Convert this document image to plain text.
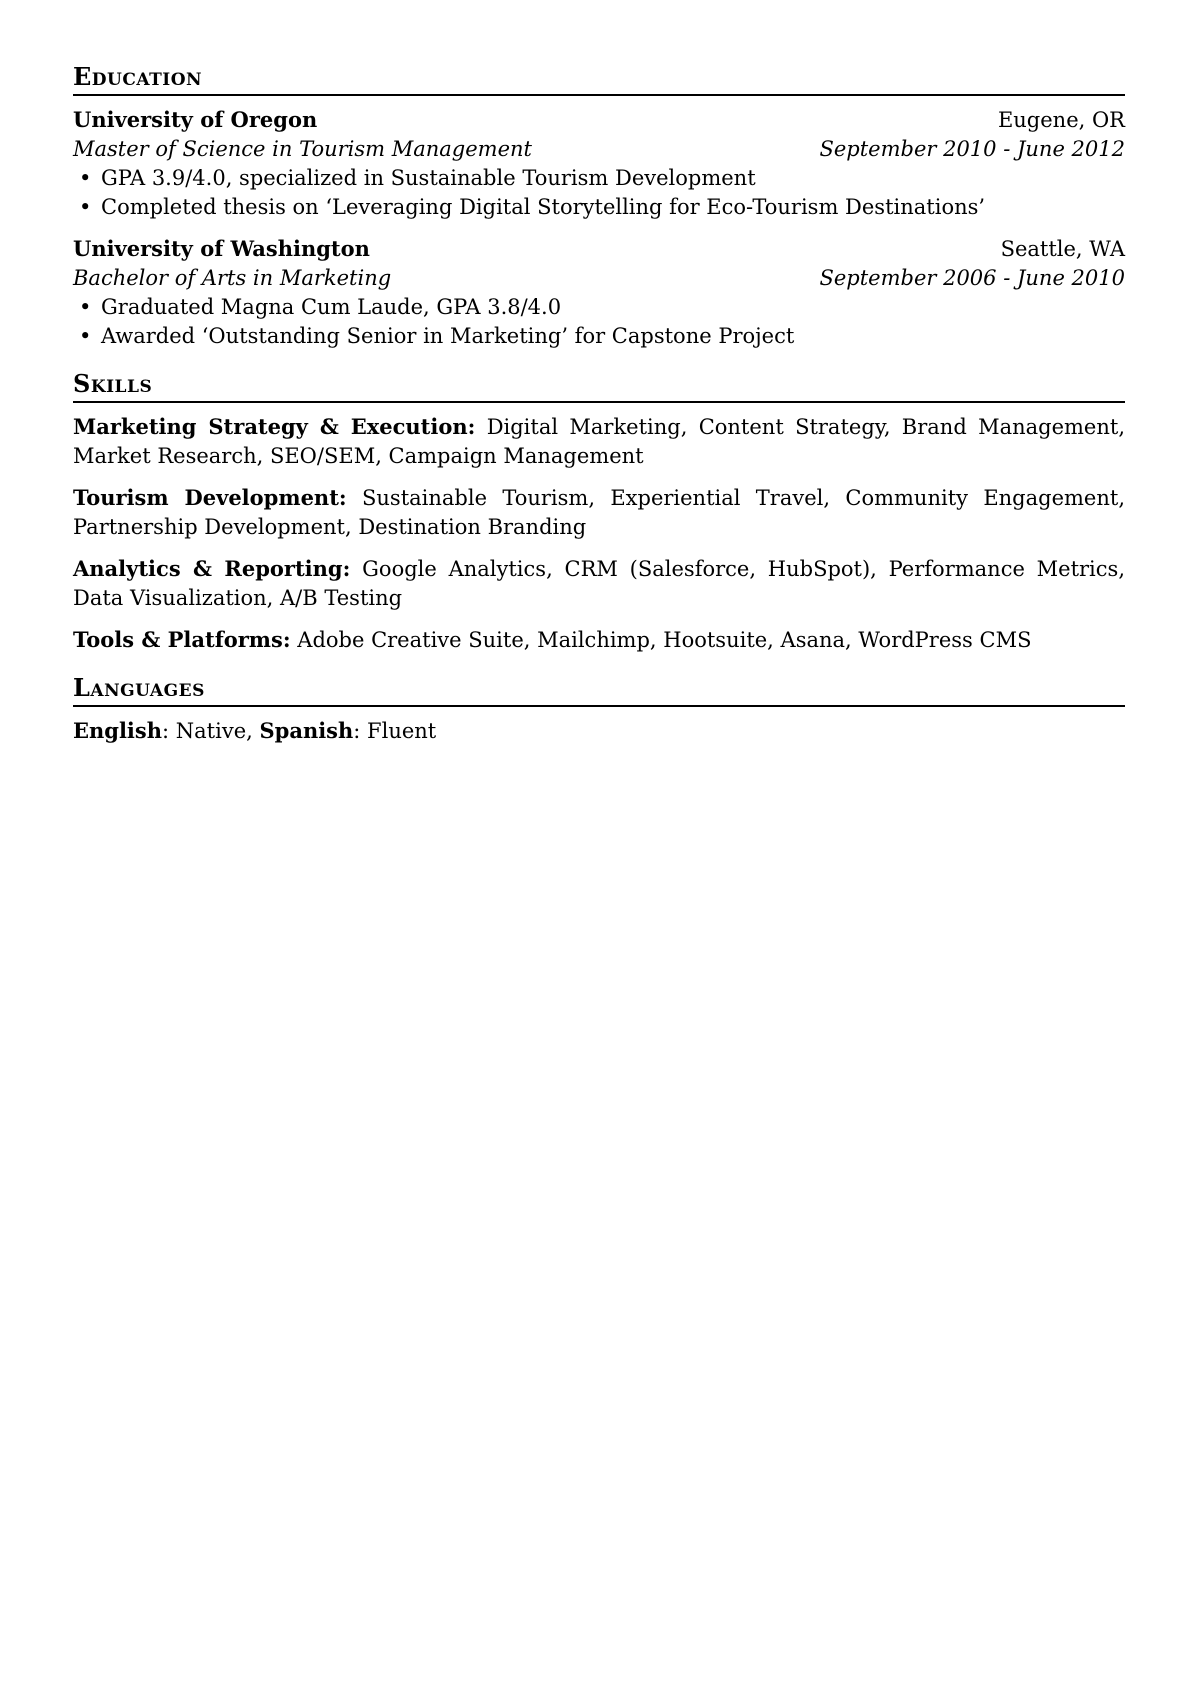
Education
University of Oregon	Eugene, OR
Master of Science in Tourism Management	September 2010 - June 2012
• GPA 3.9/4.0, specialized in Sustainable Tourism Development
• Completed thesis on ‘Leveraging Digital Storytelling for Eco-Tourism Destinations’
University of Washington	Seattle, WA
Bachelor of Arts in Marketing	September 2006 - June 2010
• Graduated Magna Cum Laude, GPA 3.8/4.0
• Awarded ‘Outstanding Senior in Marketing’ for Capstone Project
Skills
Marketing Strategy & Execution: Digital Marketing, Content Strategy, Brand Management, Market Research, SEO/SEM, Campaign Management
Tourism Development: Sustainable Tourism, Experiential Travel, Community Engagement, Partnership Development, Destination Branding
Analytics & Reporting: Google Analytics, CRM (Salesforce, HubSpot), Performance Metrics, Data Visualization, A/B Testing
Tools & Platforms: Adobe Creative Suite, Mailchimp, Hootsuite, Asana, WordPress CMS
Languages
English: Native, Spanish: Fluent
